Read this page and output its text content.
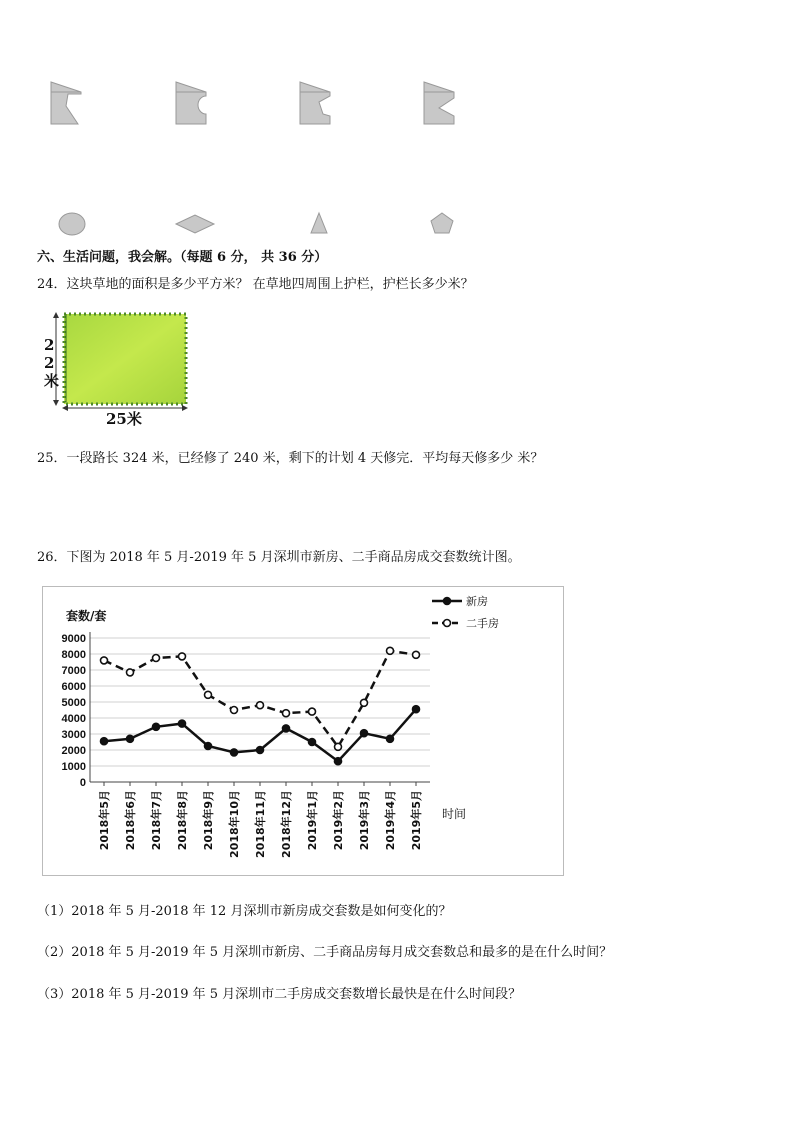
六、生活问题，我会解。（每题 6 分， 共 36 分）
24．这块草地的面积是多少平方米？ 在草地四周围上护栏，护栏长多少米？
22米
25米
25．一段路长 324 米，已经修了 240 米，剩下的计划 4 天修完．平均每天修多少 米？
26．下图为 2018 年 5 月-2019 年 5 月深圳市新房、二手商品房成交套数统计图。
0
1000
2000
3000
4000
5000
6000
7000
8000
9000
套数/套
2018年5月 2018年6月 2018年7月 2018年8月 2018年9月 2018年10月 2018年11月 2018年12月 2019年1月 2019年2月 2019年3月 2019年4月 2019年5月 时间
新房
二手房
（1）2018 年 5 月-2018 年 12 月深圳市新房成交套数是如何变化的？
（2）2018 年 5 月-2019 年 5 月深圳市新房、二手商品房每月成交套数总和最多的是在什么时间？
（3）2018 年 5 月-2019 年 5 月深圳市二手房成交套数增长最快是在什么时间段？
